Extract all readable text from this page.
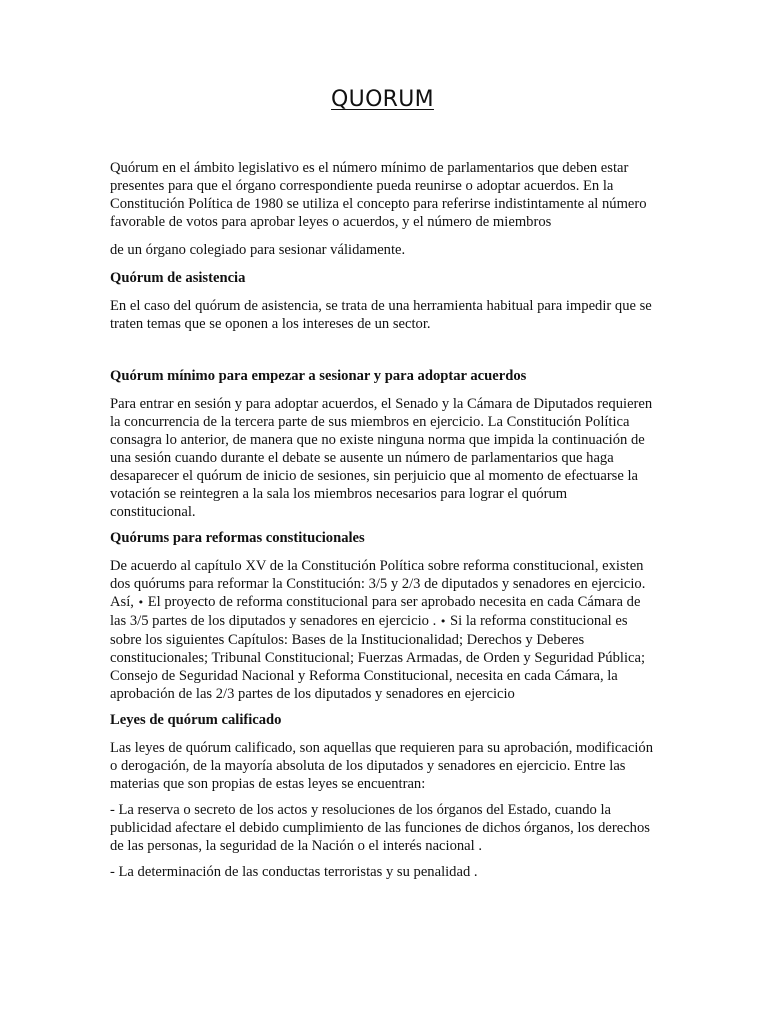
QUORUM

Quórum en el ámbito legislativo es el número mínimo de parlamentarios que deben estar presentes para que el órgano correspondiente pueda reunirse o adoptar acuerdos. En la Constitución Política de 1980 se utiliza el concepto para referirse indistintamente al número favorable de votos para aprobar leyes o acuerdos, y el número de miembros

de un órgano colegiado para sesionar válidamente.

Quórum de asistencia

En el caso del quórum de asistencia, se trata de una herramienta habitual para impedir que se traten temas que se oponen a los intereses de un sector.

Quórum mínimo para empezar a sesionar y para adoptar acuerdos

Para entrar en sesión y para adoptar acuerdos, el Senado y la Cámara de Diputados requieren la concurrencia de la tercera parte de sus miembros en ejercicio. La Constitución Política consagra lo anterior, de manera que no existe ninguna norma que impida la continuación de una sesión cuando durante el debate se ausente un número de parlamentarios que haga desaparecer el quórum de inicio de sesiones, sin perjuicio que al momento de efectuarse la votación se reintegren a la sala los miembros necesarios para lograr el quórum constitucional.

Quórums para reformas constitucionales

De acuerdo al capítulo XV de la Constitución Política sobre reforma constitucional, existen dos quórums para reformar la Constitución: 3/5 y 2/3 de diputados y senadores en ejercicio. Así, • El proyecto de reforma constitucional para ser aprobado necesita en cada Cámara de las 3/5 partes de los diputados y senadores en ejercicio . • Si la reforma constitucional es sobre los siguientes Capítulos: Bases de la Institucionalidad; Derechos y Deberes constitucionales; Tribunal Constitucional; Fuerzas Armadas, de Orden y Seguridad Pública; Consejo de Seguridad Nacional y Reforma Constitucional, necesita en cada Cámara, la aprobación de las 2/3 partes de los diputados y senadores en ejercicio

Leyes de quórum calificado

Las leyes de quórum calificado, son aquellas que requieren para su aprobación, modificación o derogación, de la mayoría absoluta de los diputados y senadores en ejercicio. Entre las materias que son propias de estas leyes se encuentran:

- La reserva o secreto de los actos y resoluciones de los órganos del Estado, cuando la publicidad afectare el debido cumplimiento de las funciones de dichos órganos, los derechos de las personas, la seguridad de la Nación o el interés nacional .

- La determinación de las conductas terroristas y su penalidad .
